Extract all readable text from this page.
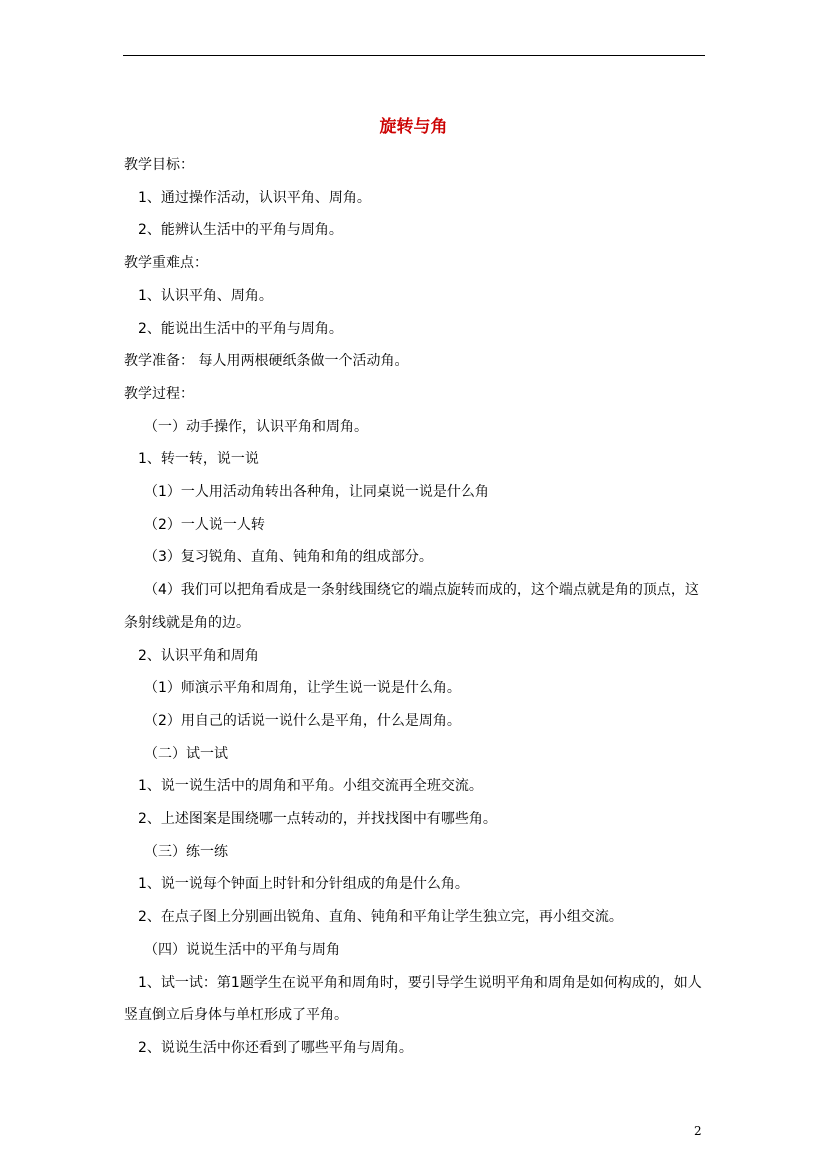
旋转与角

教学目标：

1、通过操作活动，认识平角、周角。

2、能辨认生活中的平角与周角。

教学重难点：

1、认识平角、周角。

2、能说出生活中的平角与周角。

教学准备： 每人用两根硬纸条做一个活动角。

教学过程：

（一）动手操作，认识平角和周角。

1、转一转，说一说

（1）一人用活动角转出各种角，让同桌说一说是什么角

（2）一人说一人转

（3）复习锐角、直角、钝角和角的组成部分。

（4）我们可以把角看成是一条射线围绕它的端点旋转而成的，这个端点就是角的顶点，这条射线就是角的边。

2、认识平角和周角

（1）师演示平角和周角，让学生说一说是什么角。

（2）用自己的话说一说什么是平角，什么是周角。

（二）试一试

1、说一说生活中的周角和平角。小组交流再全班交流。

2、上述图案是围绕哪一点转动的，并找找图中有哪些角。

（三）练一练

1、说一说每个钟面上时针和分针组成的角是什么角。

2、在点子图上分别画出锐角、直角、钝角和平角让学生独立完，再小组交流。

（四）说说生活中的平角与周角

1、试一试：第1题学生在说平角和周角时，要引导学生说明平角和周角是如何构成的，如人竖直倒立后身体与单杠形成了平角。

2、说说生活中你还看到了哪些平角与周角。

2
